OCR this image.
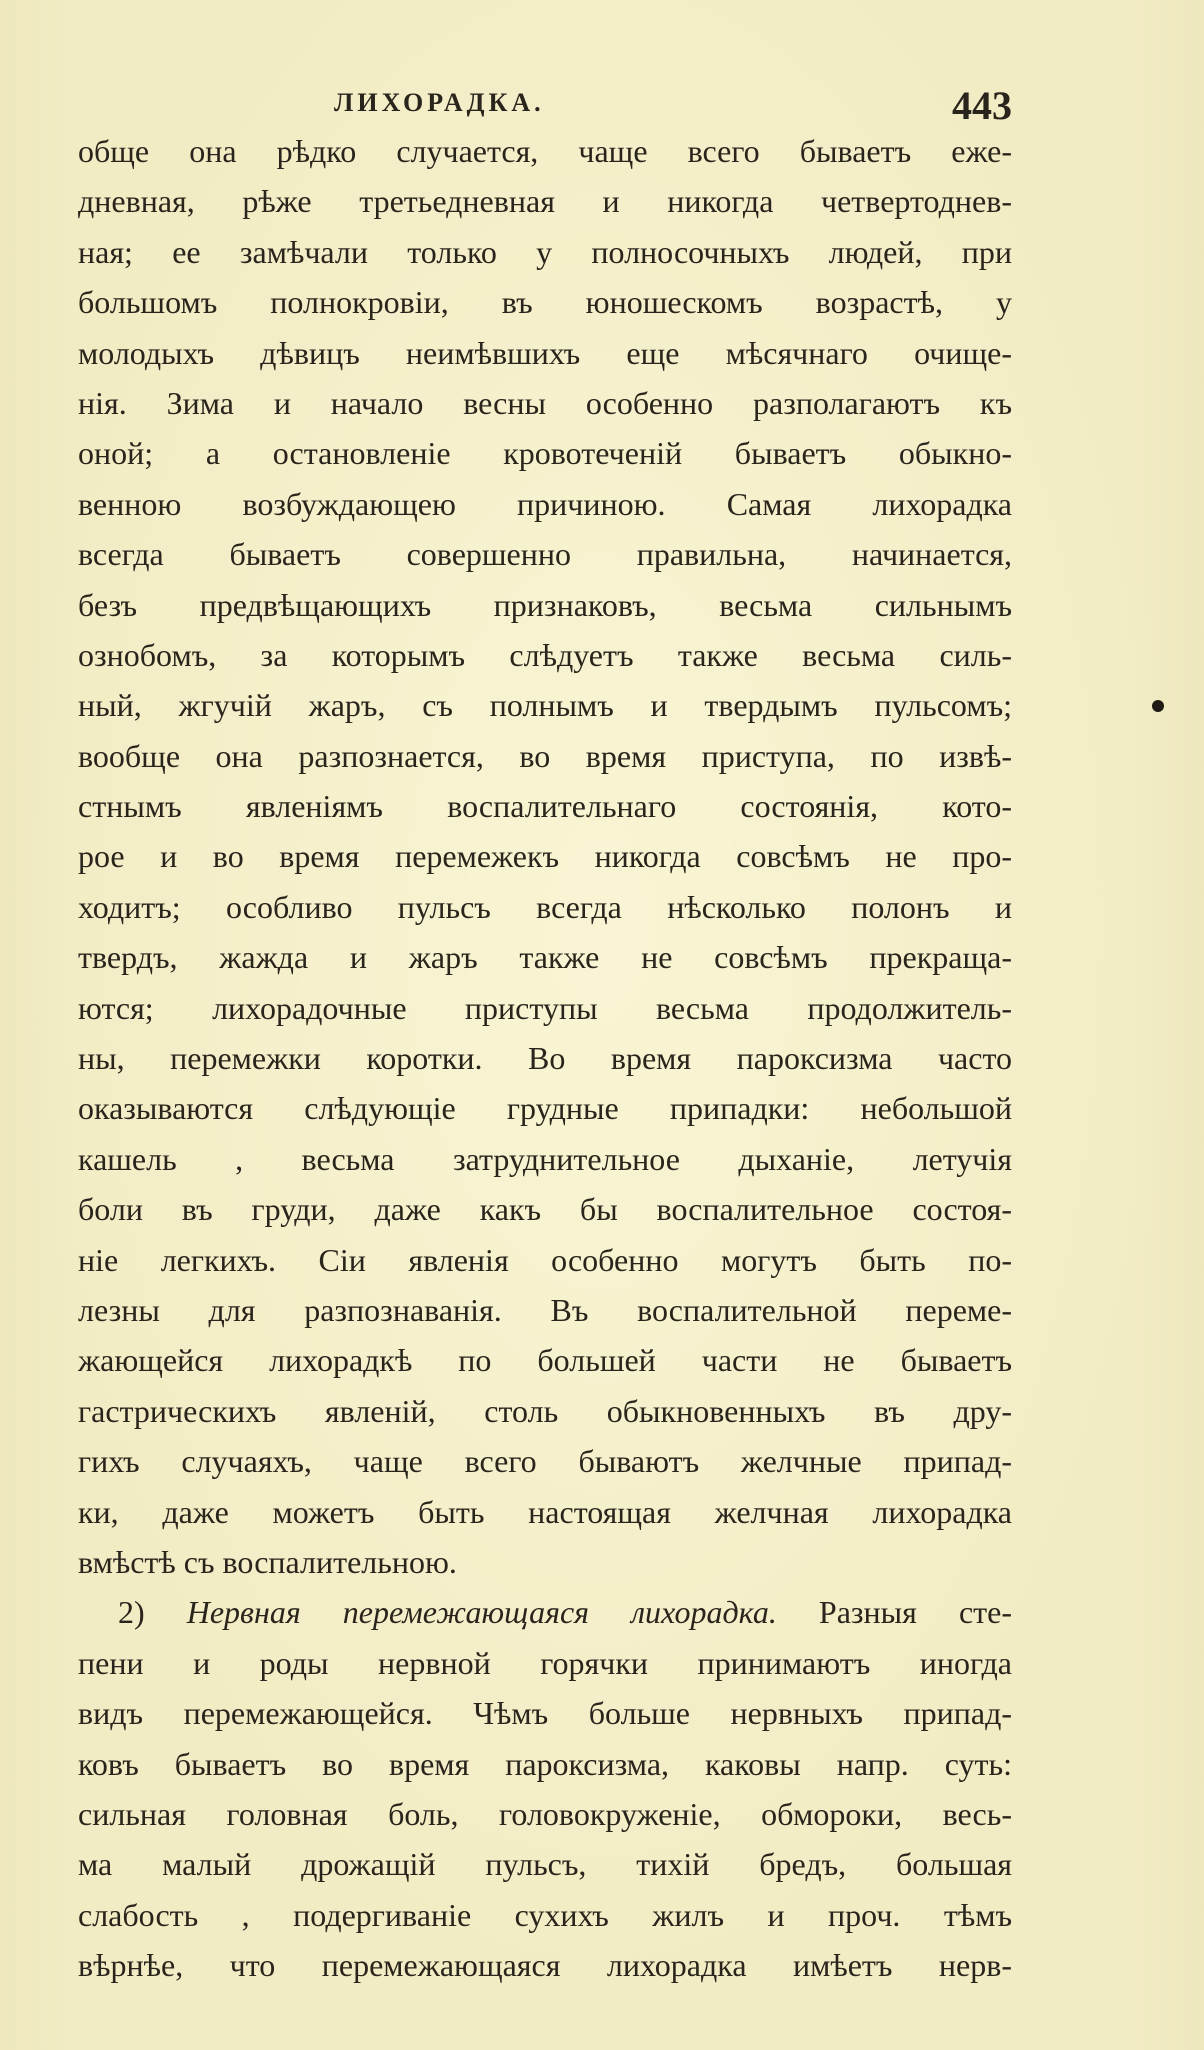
ЛИХОРАДКА.	443
обще она рѣдко случается, чаще всего бываетъ еже-
дневная, рѣже третьедневная и никогда четвертоднев-
ная; ее замѣчали только у полносочныхъ людей, при
большомъ полнокровіи, въ юношескомъ возрастѣ, у
молодыхъ дѣвицъ неимѣвшихъ еще мѣсячнаго очище-
нія. Зима и начало весны особенно разполагаютъ къ
оной; а остановленіе кровотеченій бываетъ обыкно-
венною возбуждающею причиною. Самая лихорадка
всегда бываетъ совершенно правильна, начинается,
безъ предвѣщающихъ признаковъ, весьма сильнымъ
ознобомъ, за которымъ слѣдуетъ также весьма силь-
ный, жгучій жаръ, съ полнымъ и твердымъ пульсомъ;
вообще она разпознается, во время приступа, по извѣ-
стнымъ явленіямъ воспалительнаго состоянія, кото-
рое и во время перемежекъ никогда совсѣмъ не про-
ходитъ; особливо пульсъ всегда нѣсколько полонъ и
твердъ, жажда и жаръ также не совсѣмъ прекраща-
ются; лихорадочные приступы весьма продолжитель-
ны, перемежки коротки. Во время пароксизма часто
оказываются слѣдующіе грудные припадки: небольшой
кашель , весьма затруднительное дыханіе, летучія
боли въ груди, даже какъ бы воспалительное состоя-
ніе легкихъ. Сіи явленія особенно могутъ быть по-
лезны для разпознаванія. Въ воспалительной переме-
жающейся лихорадкѣ по большей части не бываетъ
гастрическихъ явленій, столь обыкновенныхъ въ дру-
гихъ случаяхъ, чаще всего бываютъ желчные припад-
ки, даже можетъ быть настоящая желчная лихорадка
вмѣстѣ съ воспалительною.
2) Нервная перемежающаяся лихорадка. Разныя сте-
пени и роды нервной горячки принимаютъ иногда
видъ перемежающейся. Чѣмъ больше нервныхъ припад-
ковъ бываетъ во время пароксизма, каковы напр. суть:
сильная головная боль, головокруженіе, обмороки, весь-
ма малый дрожащій пульсъ, тихій бредъ, большая
слабость , подергиваніе сухихъ жилъ и проч. тѣмъ
вѣрнѣе, что перемежающаяся лихорадка имѣетъ нерв-
